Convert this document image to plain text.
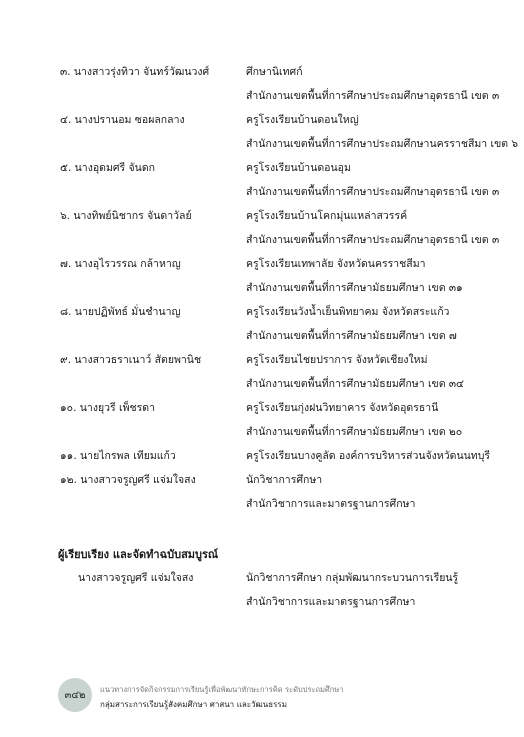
๓. นางสาวรุ่งทิวา จันทร์วัฒนวงศ์	ศึกษานิเทศก์
สำนักงานเขตพื้นที่การศึกษาประถมศึกษาอุดรธานี เขต ๓
๔. นางปรานอม ซอผลกลาง	ครูโรงเรียนบ้านดอนใหญ่
สำนักงานเขตพื้นที่การศึกษาประถมศึกษานครราชสีมา เขต ๖
๕. นางอุดมศรี จันดก	ครูโรงเรียนบ้านดอนอุม
สำนักงานเขตพื้นที่การศึกษาประถมศึกษาอุดรธานี เขต ๓
๖. นางทิพย์นิชากร จันดาวัลย์	ครูโรงเรียนบ้านโคกมุ่นแหล่าสวรรค์
สำนักงานเขตพื้นที่การศึกษาประถมศึกษาอุดรธานี เขต ๓
๗. นางอุไรวรรณ กล้าหาญ	ครูโรงเรียนเทพาลัย จังหวัดนครราชสีมา
สำนักงานเขตพื้นที่การศึกษามัธยมศึกษา เขต ๓๑
๘. นายปฏิพัทธ์ มั่นชำนาญ	ครูโรงเรียนวังน้ำเย็นพิทยาคม จังหวัดสระแก้ว
สำนักงานเขตพื้นที่การศึกษามัธยมศึกษา เขต ๗
๙. นางสาวธราเนาว์ สัตยพานิช	ครูโรงเรียนไชยปราการ จังหวัดเชียงใหม่
สำนักงานเขตพื้นที่การศึกษามัธยมศึกษา เขต ๓๔
๑๐. นางยุวรี เพ็ชรดา	ครูโรงเรียนกุ่งฝนวิทยาคาร จังหวัดอุดรธานี
สำนักงานเขตพื้นที่การศึกษามัธยมศึกษา เขต ๒๐
๑๑. นายไกรพล เทียมแก้ว	ครูโรงเรียนบางคูลัด องค์การบริหารส่วนจังหวัดนนทบุรี
๑๒. นางสาวจรูญศรี แจ่มใจสง	นักวิชาการศึกษา
สำนักวิชาการและมาตรฐานการศึกษา
นางสาวจรูญศรี แจ่มใจสง	นักวิชาการศึกษา กลุ่มพัฒนากระบวนการเรียนรู้
สำนักวิชาการและมาตรฐานการศึกษา
ผู้เรียบเรียง และจัดทำฉบับสมบูรณ์
๓๔๒ แนวทางการจัดกิจกรรมการเรียนรู้เพื่อพัฒนาทักษะการคิด ระดับประถมศึกษา
กลุ่มสาระการเรียนรู้สังคมศึกษา ศาสนา และวัฒนธรรม
